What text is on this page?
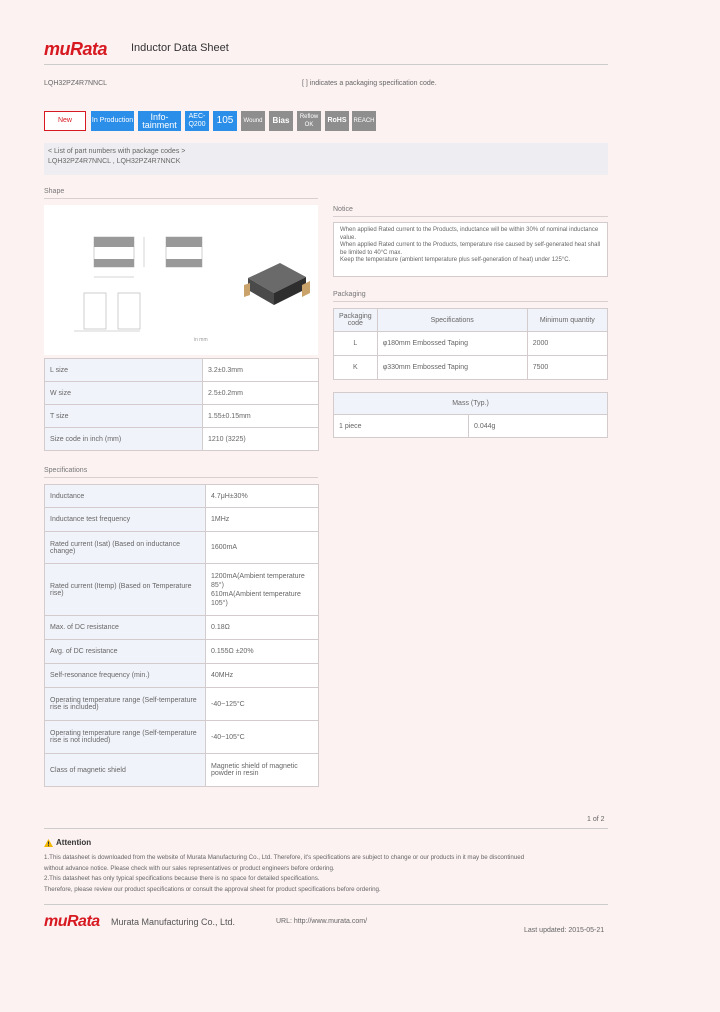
muRata Inductor Data Sheet
LQH32PZ4R7NNCL	[ ] indicates a packaging specification code.
New	In Production	Info-tainment
AEC-Q200	105	Wound	Bias	Reflow OK
RoHS	REACH
< List of part numbers with package codes >
LQH32PZ4R7NNCL , LQH32PZ4R7NNCK
Shape
in mm
L size	3.2±0.3mm
W size	2.5±0.2mm
T size	1.55±0.15mm
Size code in inch (mm)	1210 (3225)
Specifications
Inductance	4.7μH±30%
Inductance test frequency	1MHz
Rated current (Isat) (Based on inductance change)	1600mA
Rated current (Itemp) (Based on Temperature rise)	1200mA(Ambient temperature 85°)
610mA(Ambient temperature 105°)
Max. of DC resistance	0.18Ω
Avg. of DC resistance	0.155Ω ±20%
Self-resonance frequency (min.)	40MHz
Operating temperature range (Self-temperature rise is included)	-40~125°C
Operating temperature range (Self-temperature rise is not included)	-40~105°C
Class of magnetic shield	Magnetic shield of magnetic powder in resin
Notice
When applied Rated current to the Products, inductance will be within 30% of nominal inductance value.
When applied Rated current to the Products, temperature rise caused by self-generated heat shall be limited to 40°C max.
Keep the temperature (ambient temperature plus self-generation of heat) under 125°C.
Packaging
Packaging code	Specifications	Minimum quantity
L	φ180mm Embossed Taping	2000
K	φ330mm Embossed Taping	7500
Mass (Typ.)
1 piece	0.044g
1 of 2
Attention
1.This datasheet is downloaded from the website of Murata Manufacturing Co., Ltd. Therefore, it's specifications are subject to change or our products in it may be discontinued
without advance notice. Please check with our sales representatives or product engineers before ordering.
2.This datasheet has only typical specifications because there is no space for detailed specifications.
Therefore, please review our product specifications or consult the approval sheet for product specifications before ordering.
muRata Murata Manufacturing Co., Ltd.	URL: http://www.murata.com/
Last updated: 2015-05-21
